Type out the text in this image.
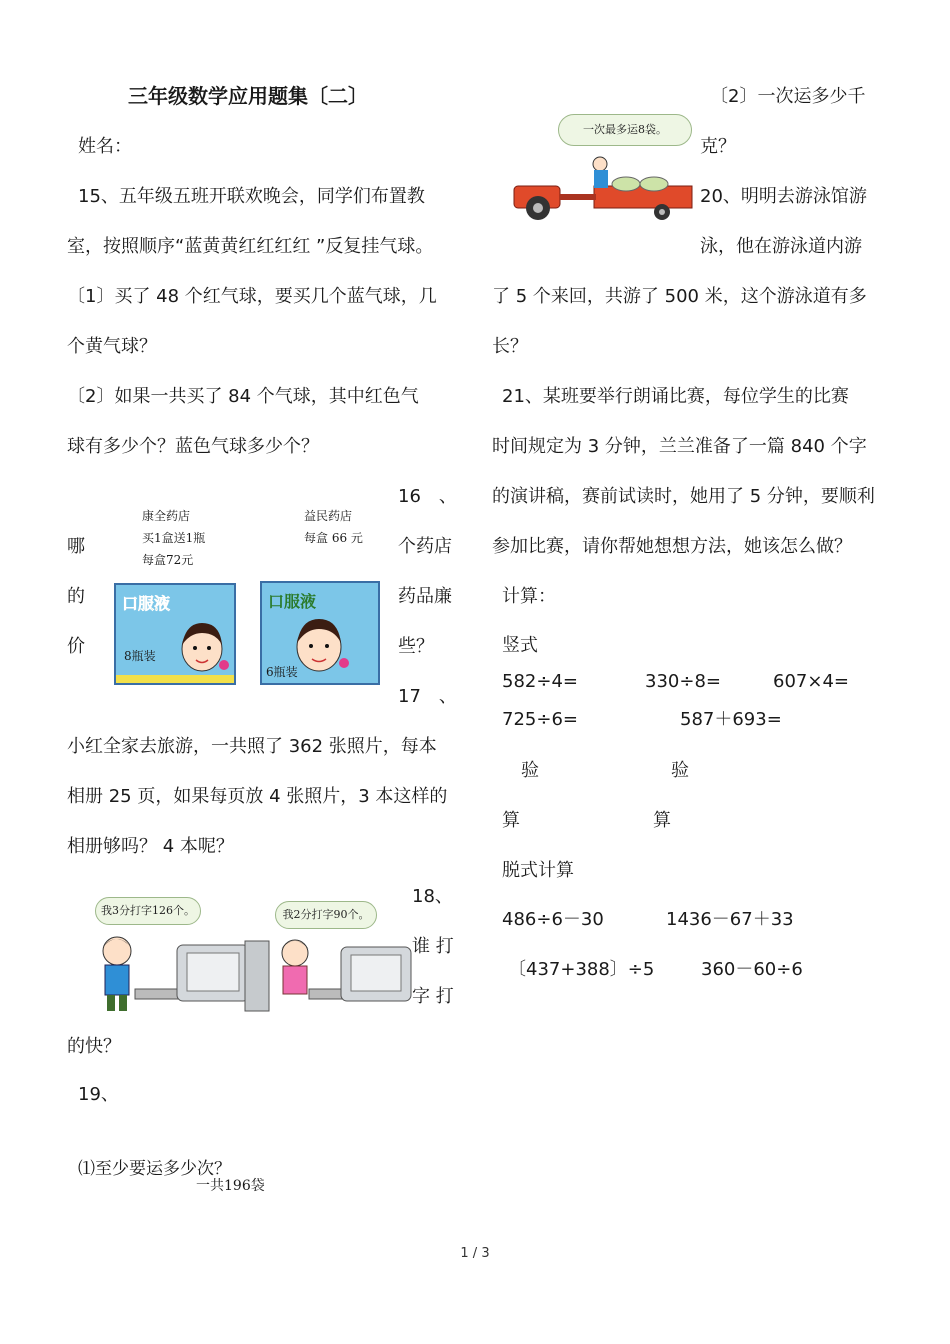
三年级数学应用题集〔二〕
姓名：
15、五年级五班开联欢晚会，同学们布置教
室，按照顺序“蓝黄黄红红红红 ”反复挂气球。
〔1〕买了 48 个红气球，要买几个蓝气球，几
个黄气球？
〔2〕如果一共买了 84 个气球，其中红色气
球有多少个？蓝色气球多少个？
16　、
哪
的
价
个药店
药品廉
些？
康全药店
买1盒送1瓶
每盒72元
口服液
8瓶装
益民药店
每盒 66 元
口服液
6瓶装
17　、
小红全家去旅游，一共照了 362 张照片，每本
相册 25 页，如果每页放 4 张照片，3 本这样的
相册够吗？ 4 本呢？
18、
谁 打
字 打
的快？
我3分打字126个。	我2分打字90个。
19、
⑴至少要运多少次？
一共196袋
〔2〕一次运多少千
克？
一次最多运8袋。
20、明明去游泳馆游
泳，他在游泳道内游
了 5 个来回，共游了 500 米，这个游泳道有多
长？
21、某班要举行朗诵比赛，每位学生的比赛
时间规定为 3 分钟，兰兰准备了一篇 840 个字
的演讲稿，赛前试读时，她用了 5 分钟，要顺利
参加比赛，请你帮她想想方法，她该怎么做？
计算：
竖式
582÷4=	330÷8=	607×4=
725÷6=	587＋693=
验	验
算	算
脱式计算
486÷6－30	1436－67＋33
〔437+388〕÷5	360－60÷6
1 / 3
